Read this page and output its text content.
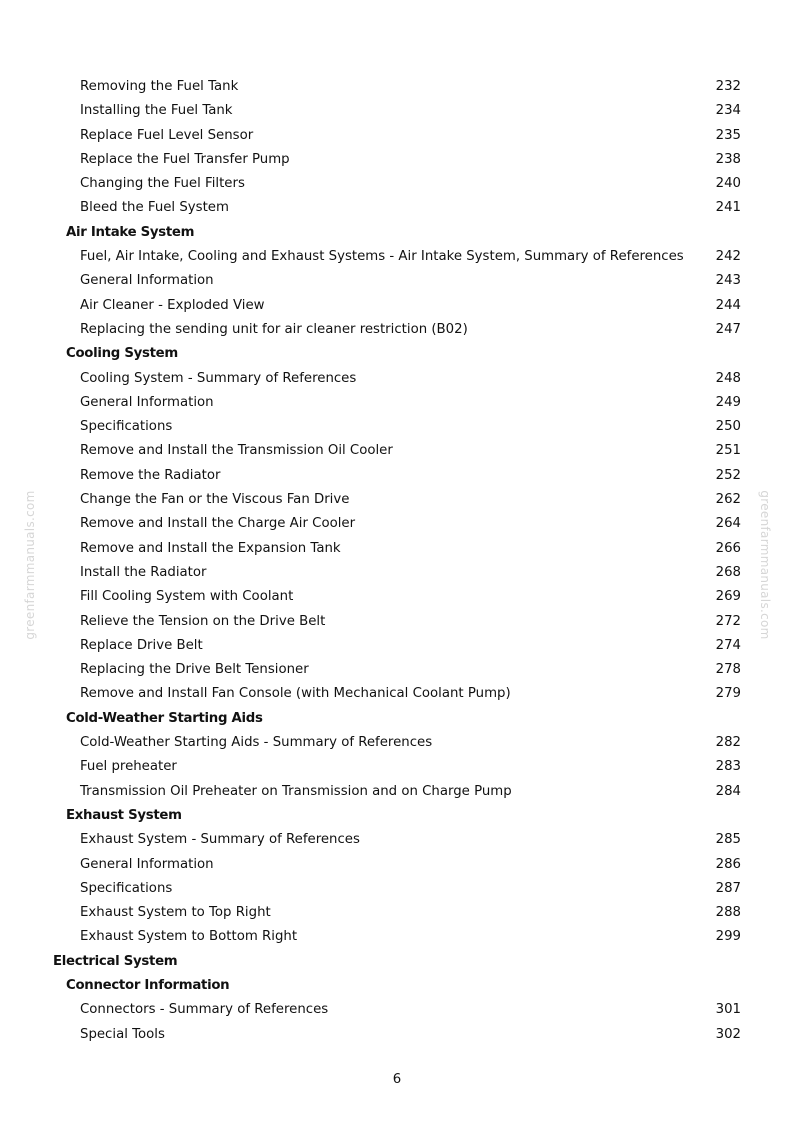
greenfarmmanuals.com	greenfarmmanuals.com
Removing the Fuel Tank	232
Installing the Fuel Tank	234
Replace Fuel Level Sensor	235
Replace the Fuel Transfer Pump	238
Changing the Fuel Filters	240
Bleed the Fuel System	241
Air Intake System
Fuel, Air Intake, Cooling and Exhaust Systems - Air Intake System, Summary of References 242
General Information	243
Air Cleaner - Exploded View	244
Replacing the sending unit for air cleaner restriction (B02)	247
Cooling System
Cooling System - Summary of References	248
General Information	249
Specifications	250
Remove and Install the Transmission Oil Cooler	251
Remove the Radiator	252
Change the Fan or the Viscous Fan Drive	262
Remove and Install the Charge Air Cooler	264
Remove and Install the Expansion Tank	266
Install the Radiator	268
Fill Cooling System with Coolant	269
Relieve the Tension on the Drive Belt	272
Replace Drive Belt	274
Replacing the Drive Belt Tensioner	278
Remove and Install Fan Console (with Mechanical Coolant Pump)	279
Cold-Weather Starting Aids
Cold-Weather Starting Aids - Summary of References	282
Fuel preheater	283
Transmission Oil Preheater on Transmission and on Charge Pump	284
Exhaust System
Exhaust System - Summary of References	285
General Information	286
Specifications	287
Exhaust System to Top Right	288
Exhaust System to Bottom Right	299
Electrical System
Connector Information
Connectors - Summary of References	301
Special Tools	302
6
